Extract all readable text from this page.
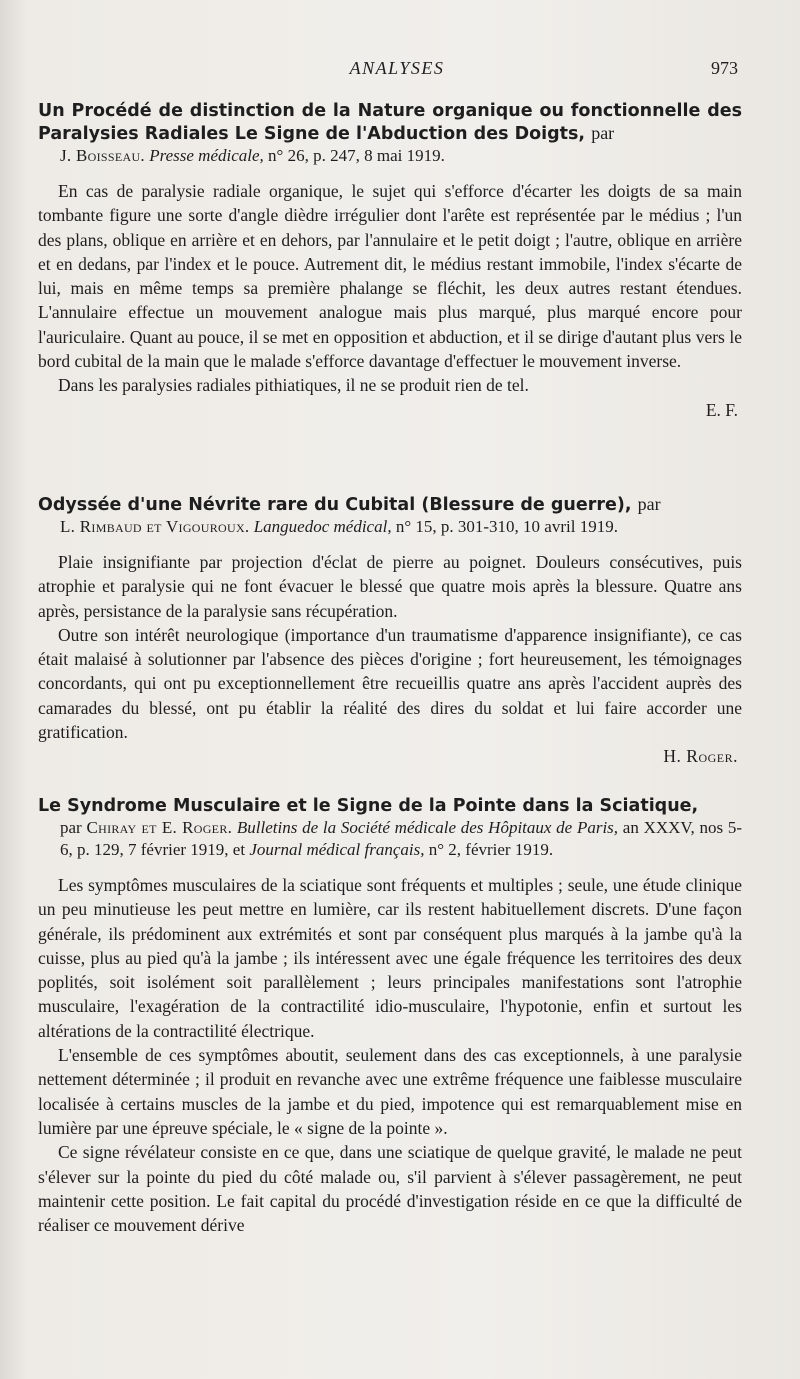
ANALYSES	973

Un Procédé de distinction de la Nature organique ou fonctionnelle des Paralysies Radiales Le Signe de l'Abduction des Doigts, par

J. Boisseau. Presse médicale, n° 26, p. 247, 8 mai 1919.

En cas de paralysie radiale organique, le sujet qui s'efforce d'écarter les doigts de sa main tombante figure une sorte d'angle dièdre irrégulier dont l'arête est représentée par le médius ; l'un des plans, oblique en arrière et en dehors, par l'annulaire et le petit doigt ; l'autre, oblique en arrière et en dedans, par l'index et le pouce. Autrement dit, le médius restant immobile, l'index s'écarte de lui, mais en même temps sa première phalange se fléchit, les deux autres restant étendues. L'annulaire effectue un mouvement analogue mais plus marqué, plus marqué encore pour l'auriculaire. Quant au pouce, il se met en opposition et abduction, et il se dirige d'autant plus vers le bord cubital de la main que le malade s'efforce davantage d'effectuer le mouvement inverse.

Dans les paralysies radiales pithiatiques, il ne se produit rien de tel.

E. F.

Odyssée d'une Névrite rare du Cubital (Blessure de guerre), par

L. Rimbaud et Vigouroux. Languedoc médical, n° 15, p. 301-310, 10 avril 1919.

Plaie insignifiante par projection d'éclat de pierre au poignet. Douleurs consécutives, puis atrophie et paralysie qui ne font évacuer le blessé que quatre mois après la blessure. Quatre ans après, persistance de la paralysie sans récupération.

Outre son intérêt neurologique (importance d'un traumatisme d'apparence insignifiante), ce cas était malaisé à solutionner par l'absence des pièces d'origine ; fort heureusement, les témoignages concordants, qui ont pu exceptionnellement être recueillis quatre ans après l'accident auprès des camarades du blessé, ont pu établir la réalité des dires du soldat et lui faire accorder une gratification.

H. Roger.

Le Syndrome Musculaire et le Signe de la Pointe dans la Sciatique,

par Chiray et E. Roger. Bulletins de la Société médicale des Hôpitaux de Paris, an XXXV, nos 5-6, p. 129, 7 février 1919, et Journal médical français, n° 2, février 1919.

Les symptômes musculaires de la sciatique sont fréquents et multiples ; seule, une étude clinique un peu minutieuse les peut mettre en lumière, car ils restent habituellement discrets. D'une façon générale, ils prédominent aux extrémités et sont par conséquent plus marqués à la jambe qu'à la cuisse, plus au pied qu'à la jambe ; ils intéressent avec une égale fréquence les territoires des deux poplités, soit isolément soit parallèlement ; leurs principales manifestations sont l'atrophie musculaire, l'exagération de la contractilité idio-musculaire, l'hypotonie, enfin et surtout les altérations de la contractilité électrique.

L'ensemble de ces symptômes aboutit, seulement dans des cas exceptionnels, à une paralysie nettement déterminée ; il produit en revanche avec une extrême fréquence une faiblesse musculaire localisée à certains muscles de la jambe et du pied, impotence qui est remarquablement mise en lumière par une épreuve spéciale, le « signe de la pointe ».

Ce signe révélateur consiste en ce que, dans une sciatique de quelque gravité, le malade ne peut s'élever sur la pointe du pied du côté malade ou, s'il parvient à s'élever passagèrement, ne peut maintenir cette position. Le fait capital du procédé d'investigation réside en ce que la difficulté de réaliser ce mouvement dérive
